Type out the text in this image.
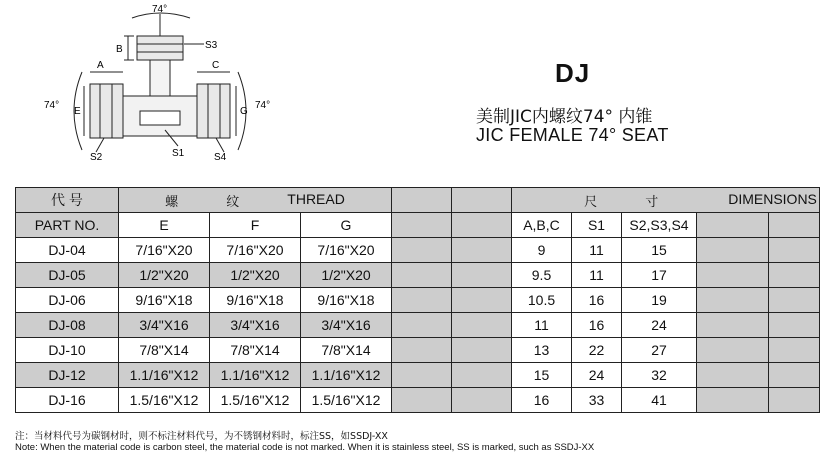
74°
74°	74°
B
A	C
E	G
S3
S1
S2	S4
DJ
美制JIC内螺纹74° 内锥
JIC FEMALE 74° SEAT
代 号	螺 纹 THREAD					尺 寸 DIMENSIONS				

PART NO.	E	F	G			A,B,C	S1	S2,S3,S4		
DJ-04	7/16"X20	7/16"X20	7/16"X20			9	11	15		
DJ-05	1/2"X20	1/2"X20	1/2"X20			9.5	11	17		
DJ-06	9/16"X18	9/16"X18	9/16"X18			10.5	16	19		
DJ-08	3/4"X16	3/4"X16	3/4"X16			11	16	24		
DJ-10	7/8"X14	7/8"X14	7/8"X14			13	22	27		
DJ-12	1.1/16"X12	1.1/16"X12	1.1/16"X12			15	24	32		
DJ-16	1.5/16"X12	1.5/16"X12	1.5/16"X12			16	33	41		
注：当材料代号为碳钢材时，则不标注材料代号，为不锈钢材料时，标注SS，如SSDJ-XX
Note: When the material code is carbon steel, the material code is not marked. When it is stainless steel, SS is marked, such as SSDJ-XX
